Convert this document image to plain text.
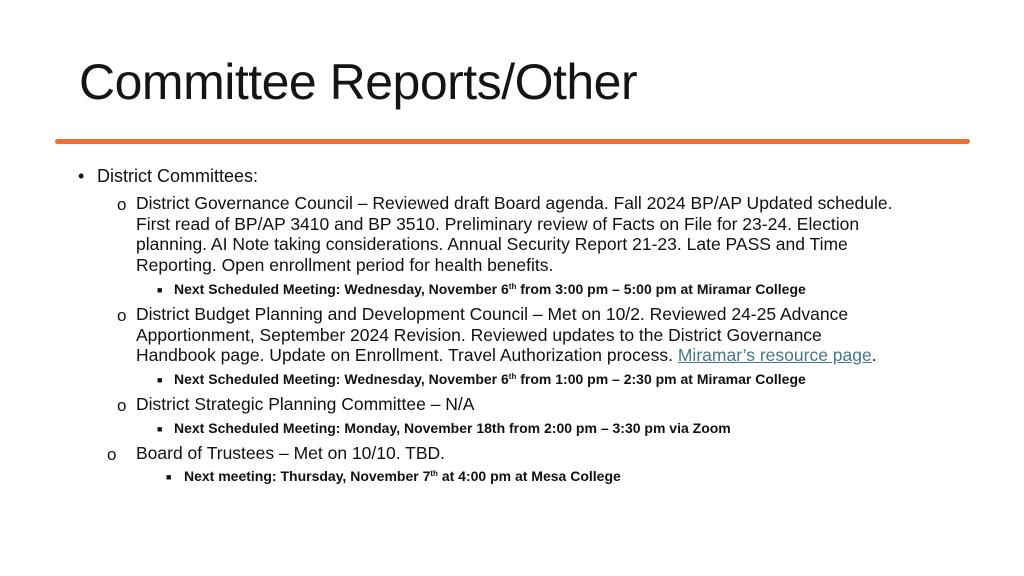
Committee Reports/Other
• District Committees:
o District Governance Council – Reviewed draft Board agenda. Fall 2024 BP/AP Updated schedule.
First read of BP/AP 3410 and BP 3510. Preliminary review of Facts on File for 23-24. Election
planning. AI Note taking considerations. Annual Security Report 21-23. Late PASS and Time
Reporting. Open enrollment period for health benefits.
■ Next Scheduled Meeting: Wednesday, November 6th from 3:00 pm – 5:00 pm at Miramar College
o District Budget Planning and Development Council – Met on 10/2. Reviewed 24-25 Advance
Apportionment, September 2024 Revision. Reviewed updates to the District Governance
Handbook page. Update on Enrollment. Travel Authorization process. Miramar’s resource page.
■ Next Scheduled Meeting: Wednesday, November 6th from 1:00 pm – 2:30 pm at Miramar College
o District Strategic Planning Committee – N/A
■ Next Scheduled Meeting: Monday, November 18th from 2:00 pm – 3:30 pm via Zoom
o Board of Trustees – Met on 10/10. TBD.
■ Next meeting: Thursday, November 7th at 4:00 pm at Mesa College
